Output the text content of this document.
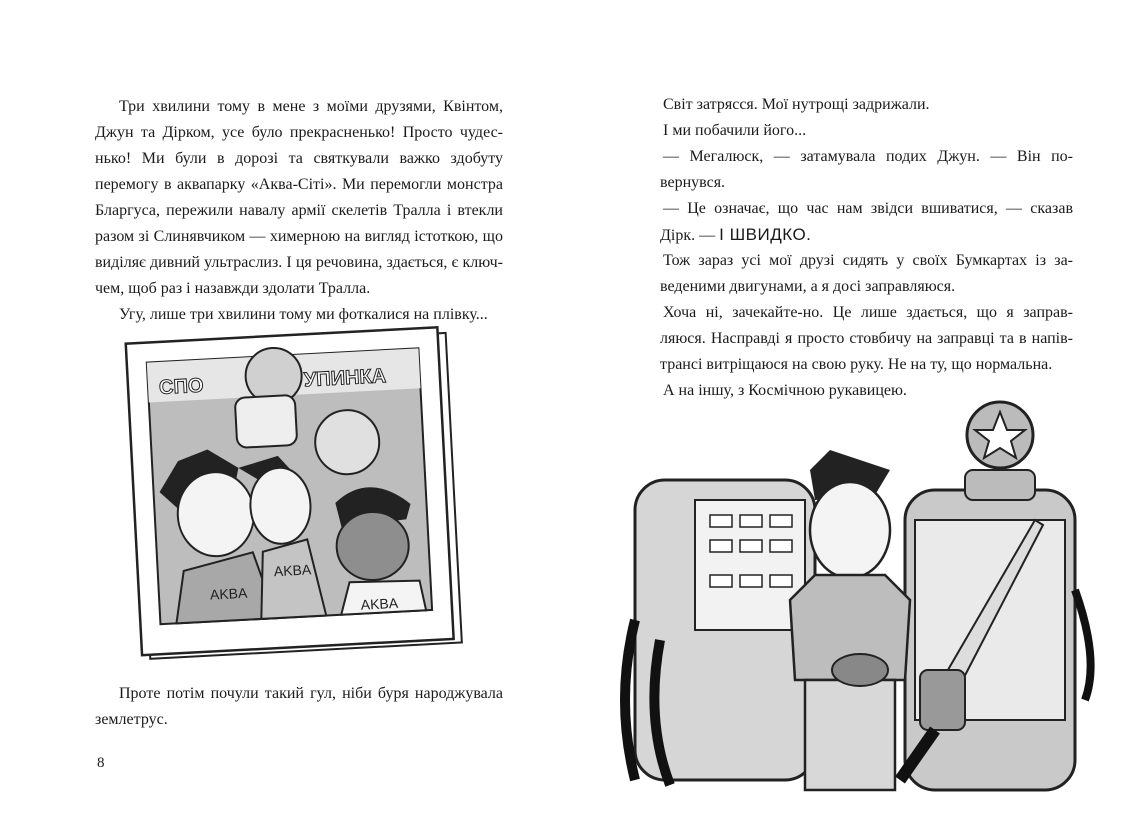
Три хвилини тому в мене з моїми друзями, Квінтом,
Джун та Дірком, усе було прекрасненько! Просто чудес-
нько! Ми були в дорозі та святкували важко здобуту
перемогу в аквапарку «Аква-Сіті». Ми перемогли монстра
Бларгуса, пережили навалу армії скелетів Тралла і втекли
разом зі Слинявчиком — химерною на вигляд істоткою, що
виділяє дивний ультраслиз. І ця речовина, здається, є ключ-
чем, щоб раз і назавжди здолати Тралла.
Угу, лише три хвилини тому ми фоткалися на плівку...
СПО	УПИНКА
AKBA
AKBA
AKBA
Проте потім почули такий гул, ніби буря народжувала
землетрус.
8
Світ затрясся. Мої нутрощі задрижали.
І ми побачили його...
— Мегалюск, — затамувала подих Джун. — Він по-
вернувся.
— Це означає, що час нам звідси вшиватися, — сказав
Дірк. — І ШВИДКО.
Тож зараз усі мої друзі сидять у своїх Бумкартах із за-
веденими двигунами, а я досі заправляюся.
Хоча ні, зачекайте-но. Це лише здається, що я заправ-
ляюся. Насправді я просто стовбичу на заправці та в напів-
трансі витріщаюся на свою руку. Не на ту, що нормальна.
А на іншу, з Космічною рукавицею.
